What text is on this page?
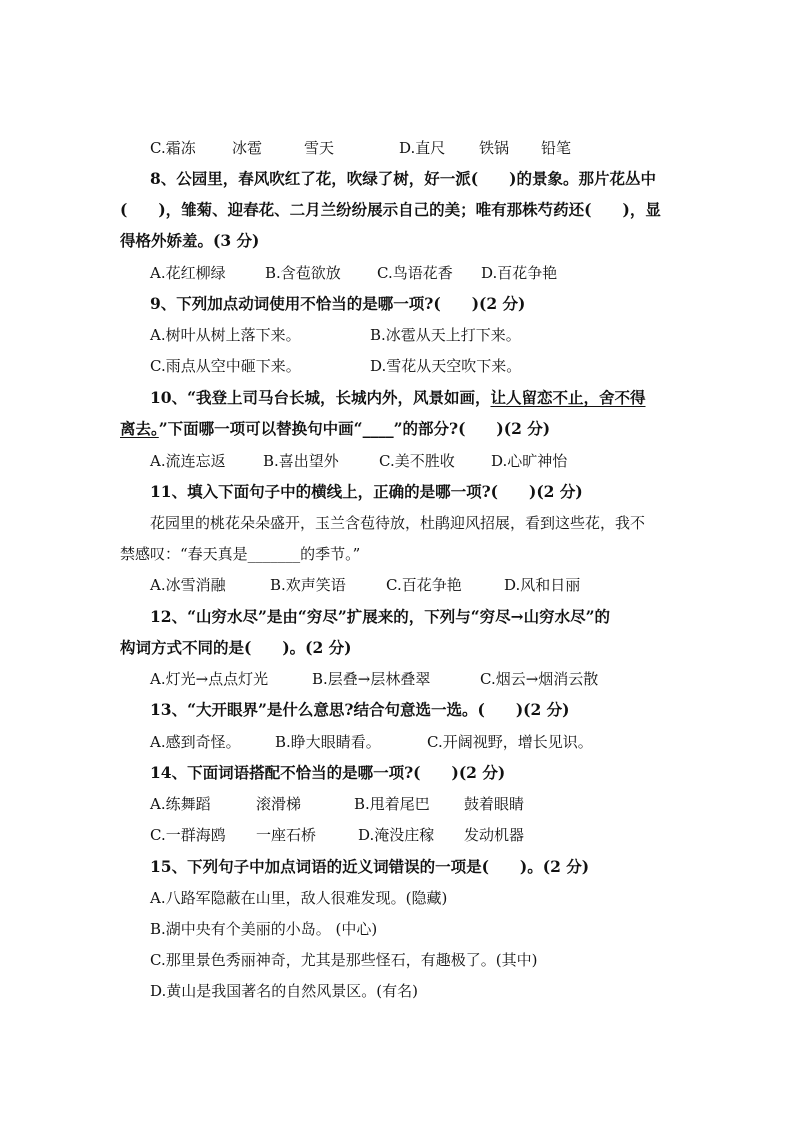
C.霜冻 冰雹	雪天	D.直尺 铁锅 铅笔
8、公园里，春风吹红了花，吹绿了树，好一派(　　)的景象。那片花丛中
(　　)，雏菊、迎春花、二月兰纷纷展示自己的美；唯有那株芍药还(　　)，显
得格外娇羞。(3 分)
A.花红柳绿	B.含苞欲放 C.鸟语花香 D.百花争艳
9、下列加点动词使用不恰当的是哪一项?(　　)(2 分)
A.树叶从树上落下来。	B.冰雹从天上打下来。
C.雨点从空中砸下来。	D.雪花从天空吹下来。
10、“我登上司马台长城，长城内外，风景如画，让人留恋不止，舍不得
离去。”下面哪一项可以替换句中画“____”的部分?(　　)(2 分)
A.流连忘返 B.喜出望外	C.美不胜收 D.心旷神怡
11、填入下面句子中的横线上，正确的是哪一项?(　　)(2 分)
花园里的桃花朵朵盛开，玉兰含苞待放，杜鹃迎风招展，看到这些花，我不
禁感叹：“春天真是_______的季节。”
A.冰雪消融	B.欢声笑语	C.百花争艳	D.风和日丽
12、“山穷水尽”是由“穷尽”扩展来的，下列与“穷尽→山穷水尽”的
构词方式不同的是(　　)。(2 分)
A.灯光→点点灯光	B.层叠→层林叠翠	C.烟云→烟消云散
13、“大开眼界”是什么意思?结合句意选一选。(　　)(2 分)
A.感到奇怪。 B.睁大眼睛看。	C.开阔视野，增长见识。
14、下面词语搭配不恰当的是哪一项?(　　)(2 分)
A.练舞蹈	滚滑梯	B.甩着尾巴 鼓着眼睛
C.一群海鸥 一座石桥	D.淹没庄稼 发动机器
15、下列句子中加点词语的近义词错误的一项是(　　)。(2 分)
A.八路军隐蔽在山里，敌人很难发现。(隐藏)
B.湖中央有个美丽的小岛。 (中心)
C.那里景色秀丽神奇，尤其是那些怪石，有趣极了。(其中)
D.黄山是我国著名的自然风景区。(有名)
